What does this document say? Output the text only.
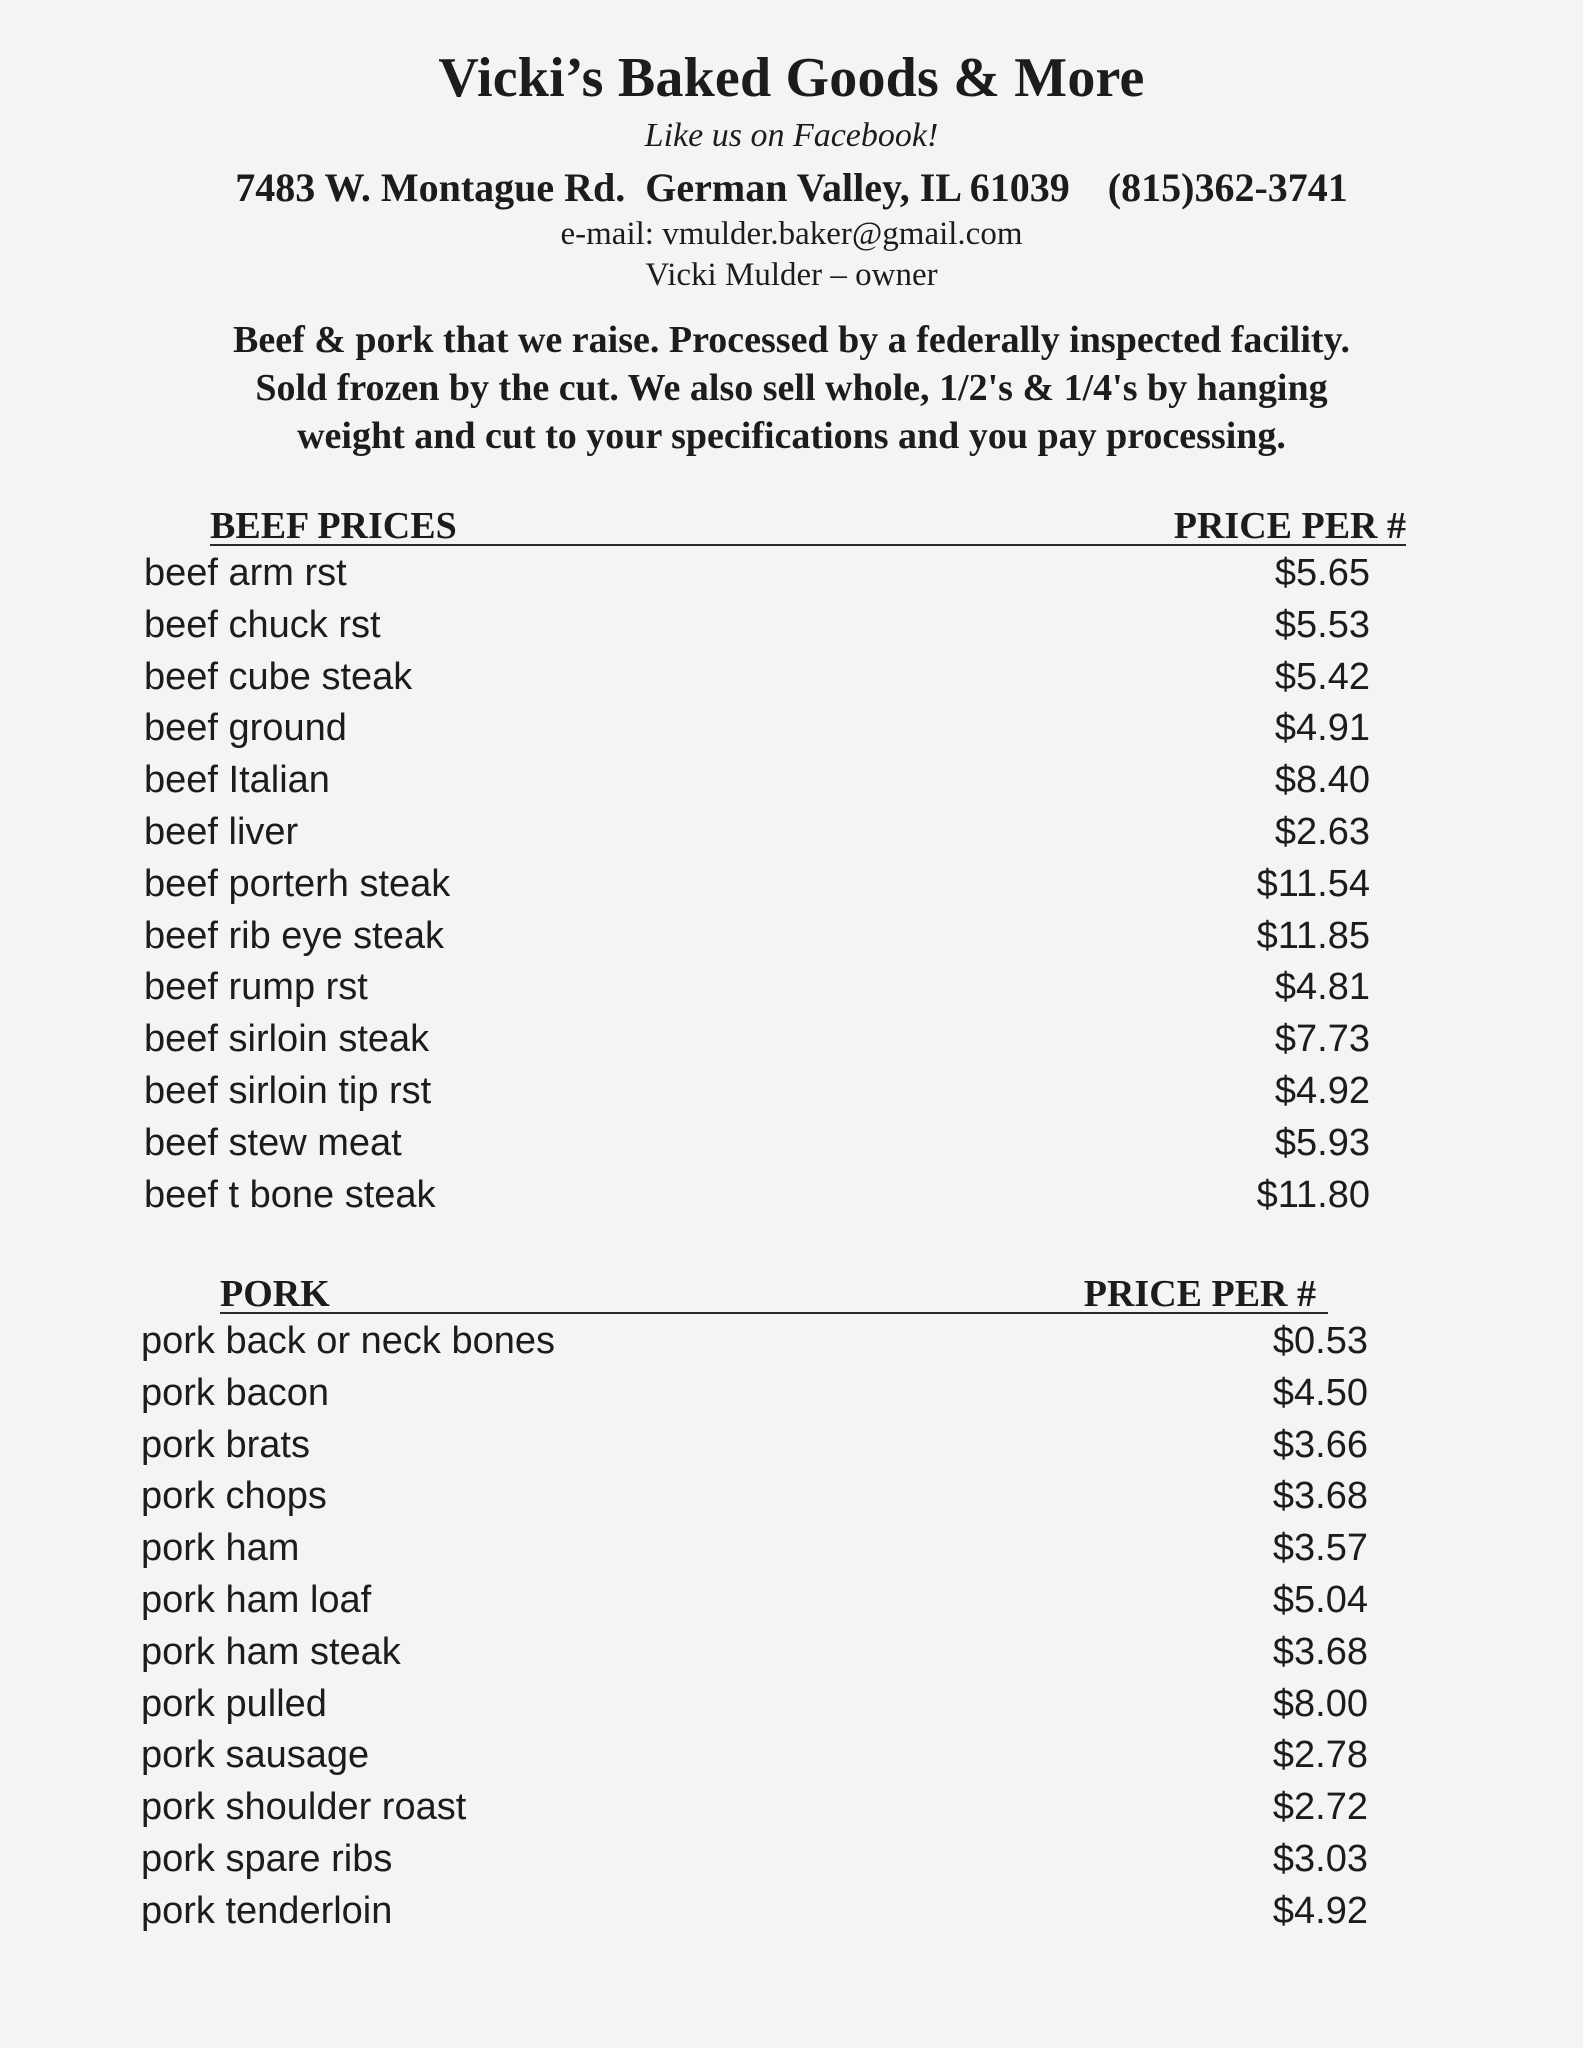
Vicki’s Baked Goods & More
Like us on Facebook!
7483 W. Montague Rd.  German Valley, IL 61039 (815)362-3741
e-mail: vmulder.baker@gmail.com
Vicki Mulder – owner
Beef & pork that we raise. Processed by a federally inspected facility.
Sold frozen by the cut. We also sell whole, 1/2's & 1/4's by hanging
weight and cut to your specifications and you pay processing.
BEEF PRICES	PRICE PER #
beef arm rst	$5.65
beef chuck rst	$5.53
beef cube steak	$5.42
beef ground	$4.91
beef Italian	$8.40
beef liver	$2.63
beef porterh steak	$11.54
beef rib eye steak	$11.85
beef rump rst	$4.81
beef sirloin steak	$7.73
beef sirloin tip rst	$4.92
beef stew meat	$5.93
beef t bone steak	$11.80
PORK	PRICE PER #
pork back or neck bones	$0.53
pork bacon	$4.50
pork brats	$3.66
pork chops	$3.68
pork ham	$3.57
pork ham loaf	$5.04
pork ham steak	$3.68
pork pulled	$8.00
pork sausage	$2.78
pork shoulder roast	$2.72
pork spare ribs	$3.03
pork tenderloin	$4.92
